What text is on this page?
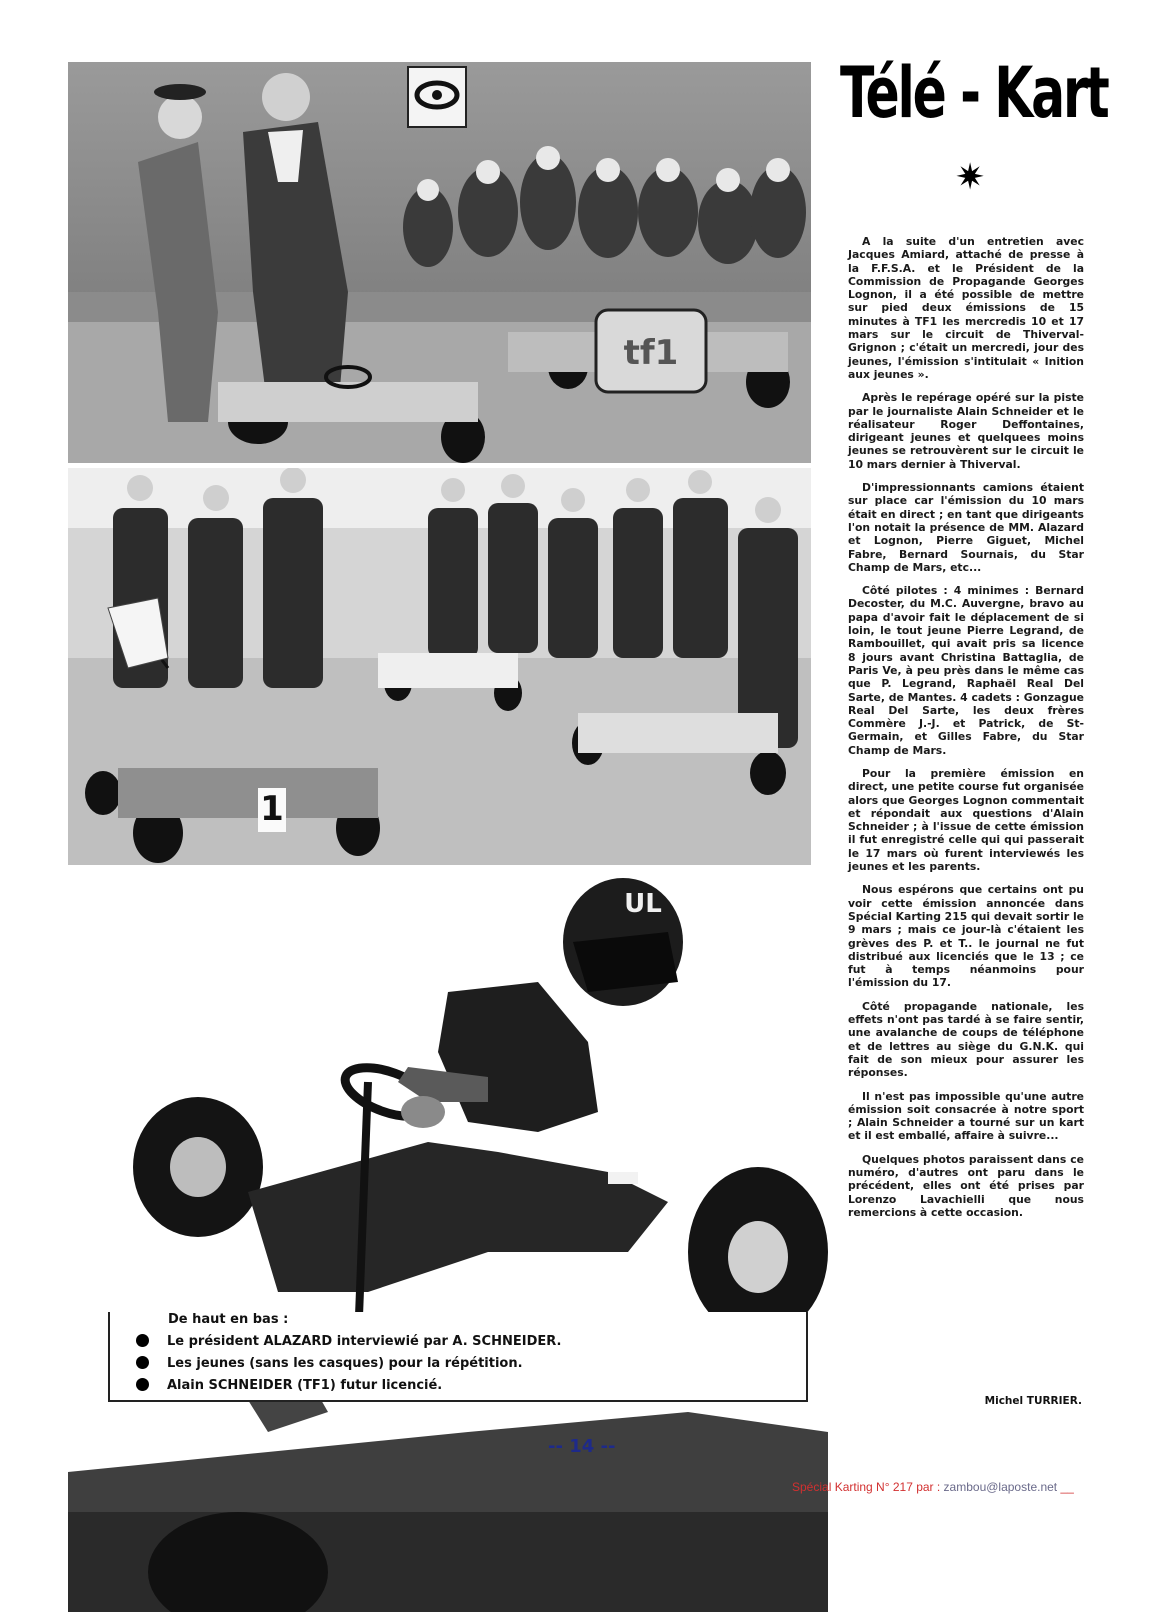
tf1
1
UL
Télé - Kart
✷

A la suite d'un entretien avec Jacques Amiard, attaché de presse à la F.F.S.A. et le Président de la Commission de Propagande Georges Lognon, il a été possible de mettre sur pied deux émissions de 15 minutes à TF1 les mercredis 10 et 17 mars sur le circuit de Thiverval-Grignon ; c'était un mercredi, jour des jeunes, l'émission s'intitulait « Inition aux jeunes ».

Après le repérage opéré sur la piste par le journaliste Alain Schneider et le réalisateur Roger Deffontaines, dirigeant jeunes et quelquees moins jeunes se retrouvèrent sur le circuit le 10 mars dernier à Thiverval.

D'impressionnants camions étaient sur place car l'émission du 10 mars était en direct ; en tant que dirigeants l'on notait la présence de MM. Alazard et Lognon, Pierre Giguet, Michel Fabre, Bernard Sournais, du Star Champ de Mars, etc...

Côté pilotes : 4 minimes : Bernard Decoster, du M.C. Auvergne, bravo au papa d'avoir fait le déplacement de si loin, le tout jeune Pierre Legrand, de Rambouillet, qui avait pris sa licence 8 jours avant Christina Battaglia, de Paris Ve, à peu près dans le même cas que P. Legrand, Raphaël Real Del Sarte, de Mantes. 4 cadets : Gonzague Real Del Sarte, les deux frères Commère J.-J. et Patrick, de St-Germain, et Gilles Fabre, du Star Champ de Mars.

Pour la première émission en direct, une petite course fut organisée alors que Georges Lognon commentait et répondait aux questions d'Alain Schneider ; à l'issue de cette émission il fut enregistré celle qui qui passerait le 17 mars où furent interviewés les jeunes et les parents.

Nous espérons que certains ont pu voir cette émission annoncée dans Spécial Karting 215 qui devait sortir le 9 mars ; mais ce jour-là c'étaient les grèves des P. et T.. le journal ne fut distribué aux licenciés que le 13 ; ce fut à temps néanmoins pour l'émission du 17.

Côté propagande nationale, les effets n'ont pas tardé à se faire sentir, une avalanche de coups de téléphone et de lettres au siège du G.N.K. qui fait de son mieux pour assurer les réponses.

Il n'est pas impossible qu'une autre émission soit consacrée à notre sport ; Alain Schneider a tourné sur un kart et il est emballé, affaire à suivre...

Quelques photos paraissent dans ce numéro, d'autres ont paru dans le précédent, elles ont été prises par Lorenzo Lavachielli que nous remercions à cette occasion.

Michel TURRIER.
De haut en bas :
Le président ALAZARD interviewié par A. SCHNEIDER.
Les jeunes (sans les casques) pour la répétition.
Alain SCHNEIDER (TF1) futur licencié.
-- 14 --
Spécial Karting N° 217 par : zambou@laposte.net __
